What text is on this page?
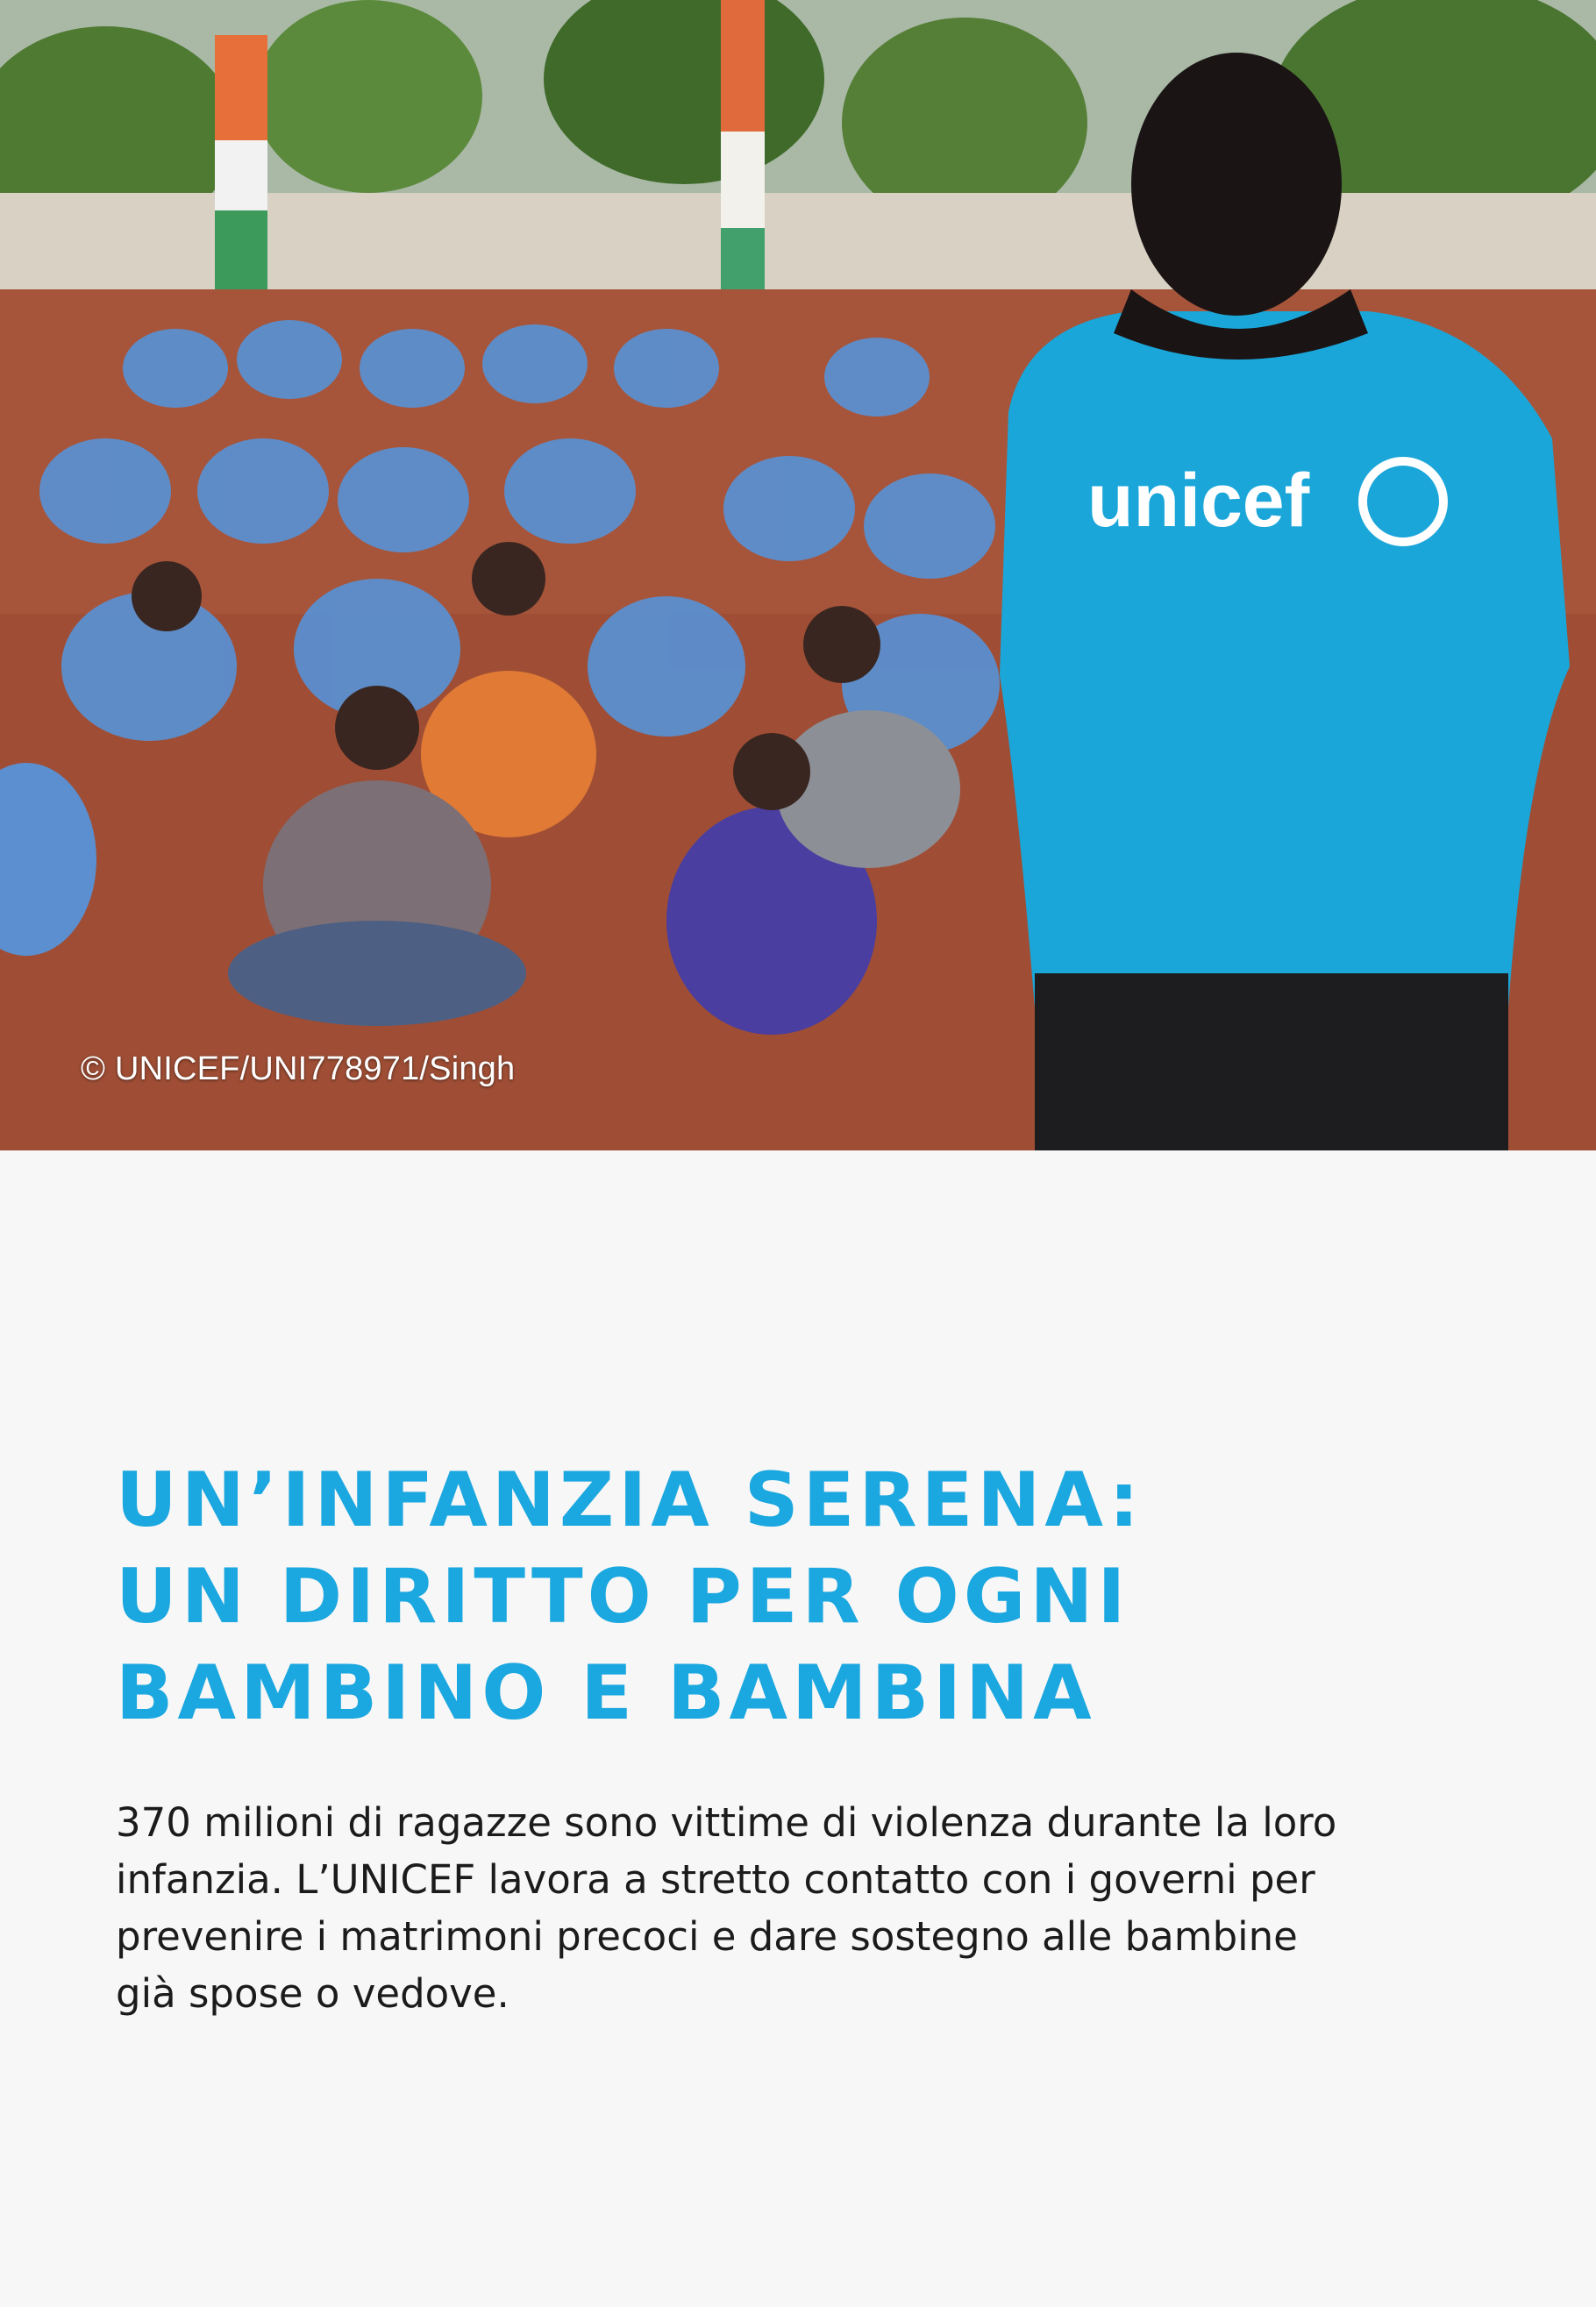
unicef
© UNICEF/UNI778971/Singh
UN’INFANZIA SERENA:
UN DIRITTO PER OGNI
BAMBINO E BAMBINA

370 milioni di ragazze sono vittime di violenza durante la loro
infanzia. L’UNICEF lavora a stretto contatto con i governi per
prevenire i matrimoni precoci e dare sostegno alle bambine
già spose o vedove.
